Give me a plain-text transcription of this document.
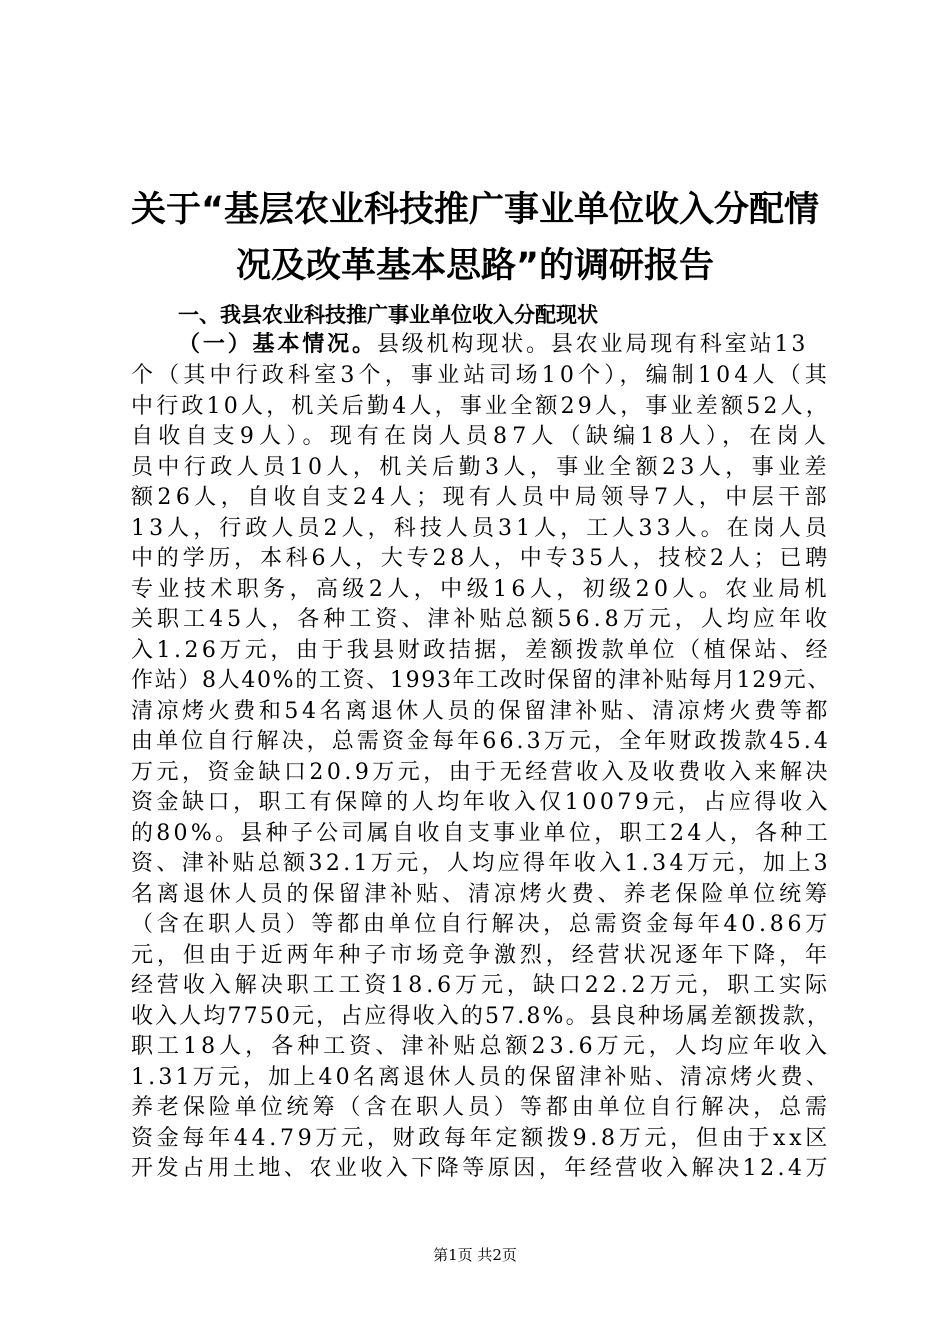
关于“基层农业科技推广事业单位收入分配情
况及改革基本思路”的调研报告
一、我县农业科技推广事业单位收入分配现状
（一）基本情况。县级机构现状。县农业局现有科室站13
个（其中行政科室3个，事业站司场10个），编制104人（其
中行政10人，机关后勤4人，事业全额29人，事业差额52人，
自收自支9人）。现有在岗人员87人（缺编18人），在岗人
员中行政人员10人，机关后勤3人，事业全额23人，事业差
额26人，自收自支24人；现有人员中局领导7人，中层干部
13人，行政人员2人，科技人员31人，工人33人。在岗人员
中的学历，本科6人，大专28人，中专35人，技校2人；已聘
专业技术职务，高级2人，中级16人，初级20人。农业局机
关职工45人，各种工资、津补贴总额56.8万元，人均应年收
入1.26万元，由于我县财政拮据，差额拨款单位（植保站、经
作站）8人40%的工资、1993年工改时保留的津补贴每月129元、
清凉烤火费和54名离退休人员的保留津补贴、清凉烤火费等都
由单位自行解决，总需资金每年66.3万元，全年财政拨款45.4
万元，资金缺口20.9万元，由于无经营收入及收费收入来解决
资金缺口，职工有保障的人均年收入仅10079元，占应得收入
的80%。县种子公司属自收自支事业单位，职工24人，各种工
资、津补贴总额32.1万元，人均应得年收入1.34万元，加上3
名离退休人员的保留津补贴、清凉烤火费、养老保险单位统筹
（含在职人员）等都由单位自行解决，总需资金每年40.86万
元，但由于近两年种子市场竞争激烈，经营状况逐年下降，年
经营收入解决职工工资18.6万元，缺口22.2万元，职工实际
收入人均7750元，占应得收入的57.8%。县良种场属差额拨款，
职工18人，各种工资、津补贴总额23.6万元，人均应年收入
1.31万元，加上40名离退休人员的保留津补贴、清凉烤火费、
养老保险单位统筹（含在职人员）等都由单位自行解决，总需
资金每年44.79万元，财政每年定额拨9.8万元，但由于xx区
开发占用土地、农业收入下降等原因，年经营收入解决12.4万
第1页 共2页
